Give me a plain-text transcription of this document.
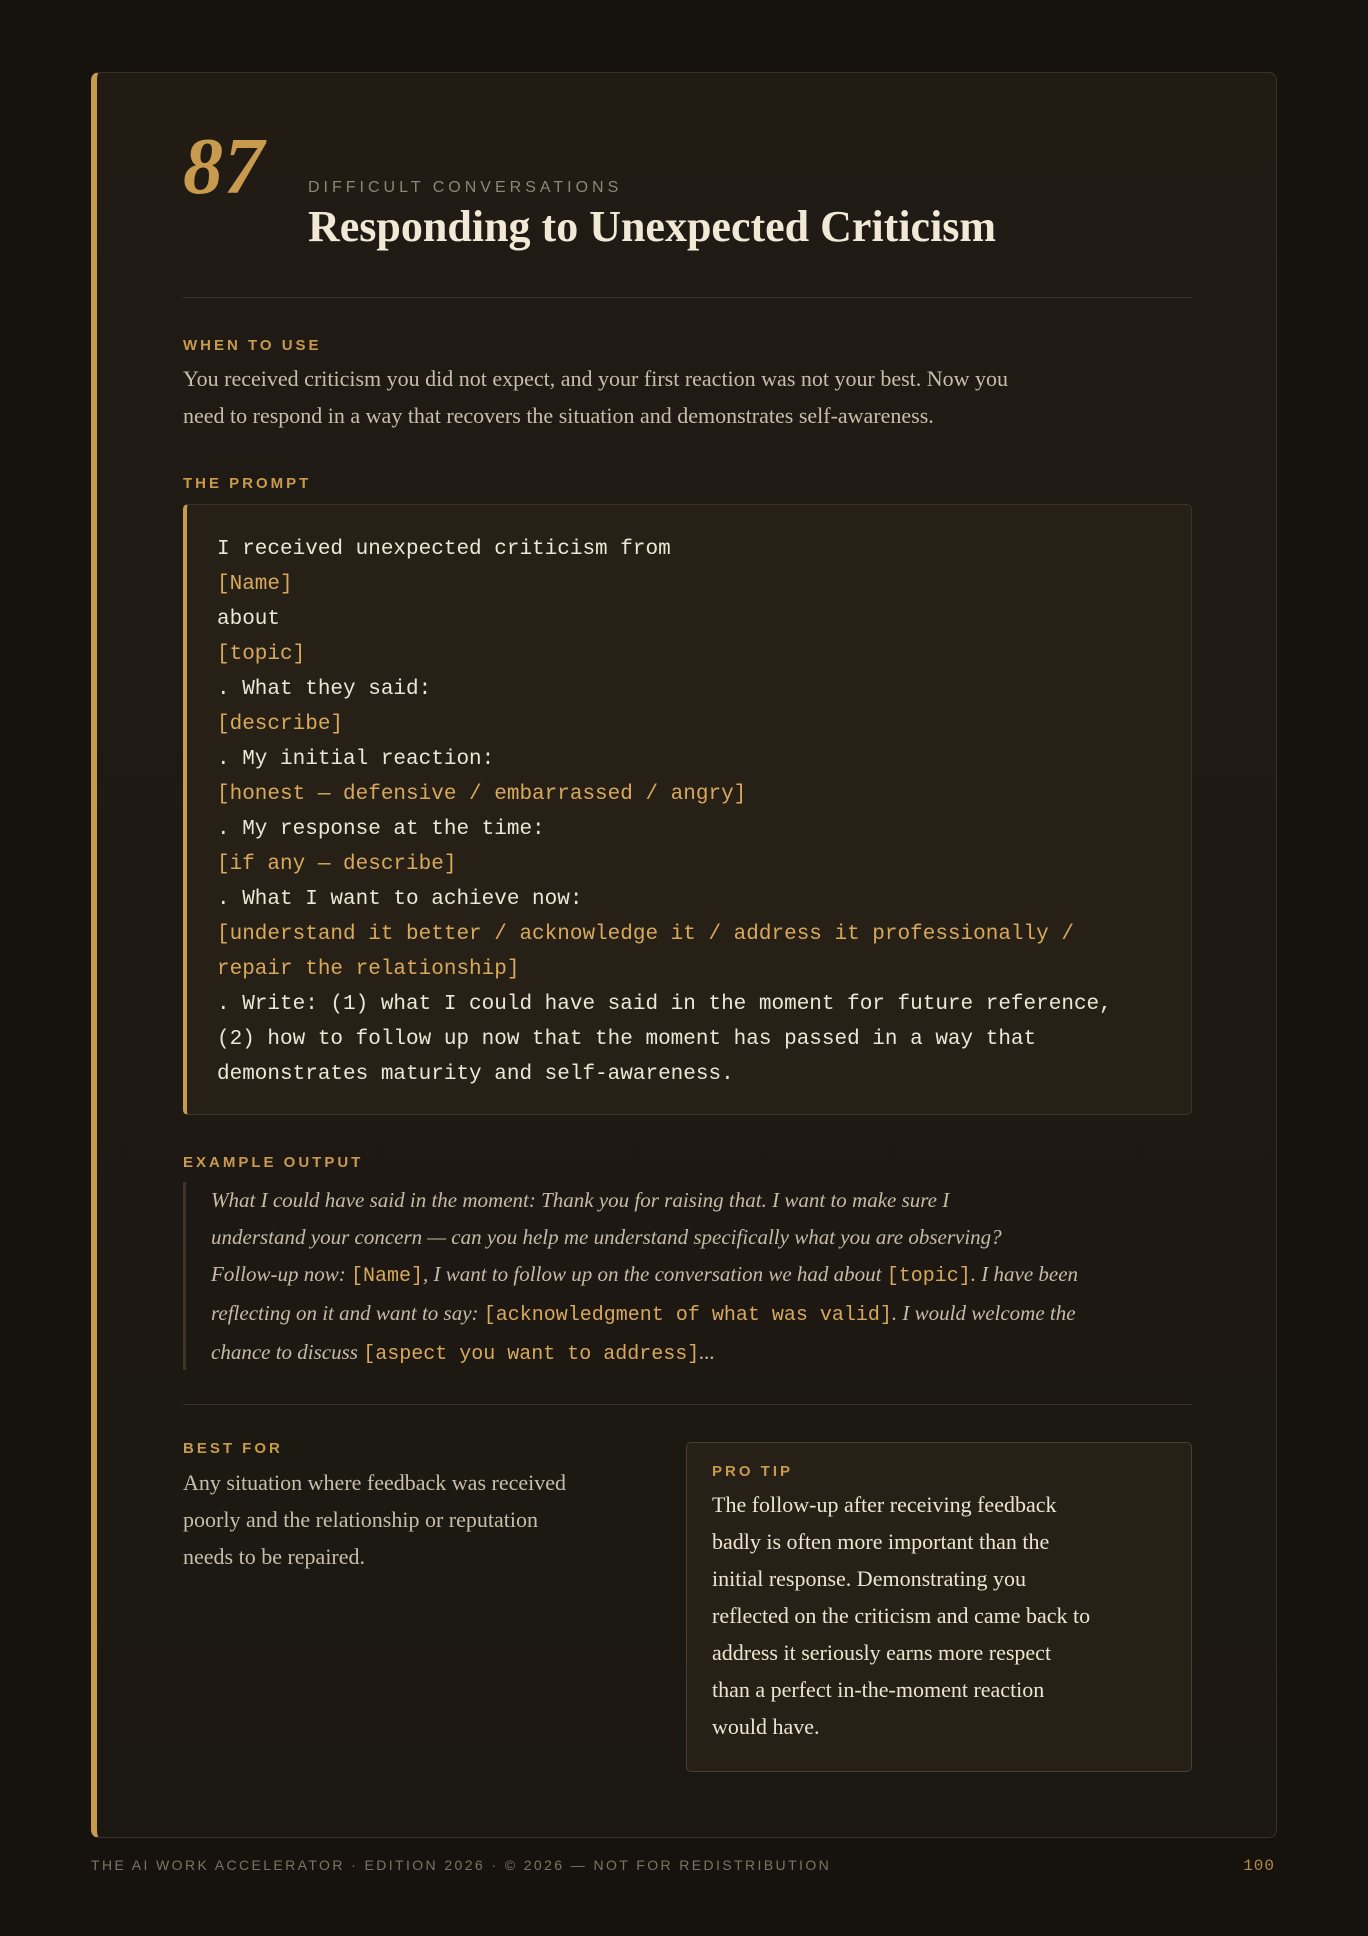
87	DIFFICULT CONVERSATIONS
Responding to Unexpected Criticism
WHEN TO USE
You received criticism you did not expect, and your first reaction was not your best. Now you
need to respond in a way that recovers the situation and demonstrates self-awareness.
THE PROMPT
I received unexpected criticism from
[Name]
about
[topic]
. What they said:
[describe]
. My initial reaction:
[honest — defensive / embarrassed / angry]
. My response at the time:
[if any — describe]
. What I want to achieve now:
[understand it better / acknowledge it / address it professionally /
repair the relationship]
. Write: (1) what I could have said in the moment for future reference,
(2) how to follow up now that the moment has passed in a way that
demonstrates maturity and self-awareness.
EXAMPLE OUTPUT
What I could have said in the moment: Thank you for raising that. I want to make sure I
understand your concern — can you help me understand specifically what you are observing?
Follow-up now: [Name], I want to follow up on the conversation we had about [topic]. I have been
reflecting on it and want to say: [acknowledgment of what was valid]. I would welcome the
chance to discuss [aspect you want to address]...
BEST FOR
Any situation where feedback was received
poorly and the relationship or reputation
needs to be repaired.
PRO TIP
The follow-up after receiving feedback
badly is often more important than the
initial response. Demonstrating you
reflected on the criticism and came back to
address it seriously earns more respect
than a perfect in-the-moment reaction
would have.
THE AI WORK ACCELERATOR · EDITION 2026 · © 2026 — NOT FOR REDISTRIBUTION	100
